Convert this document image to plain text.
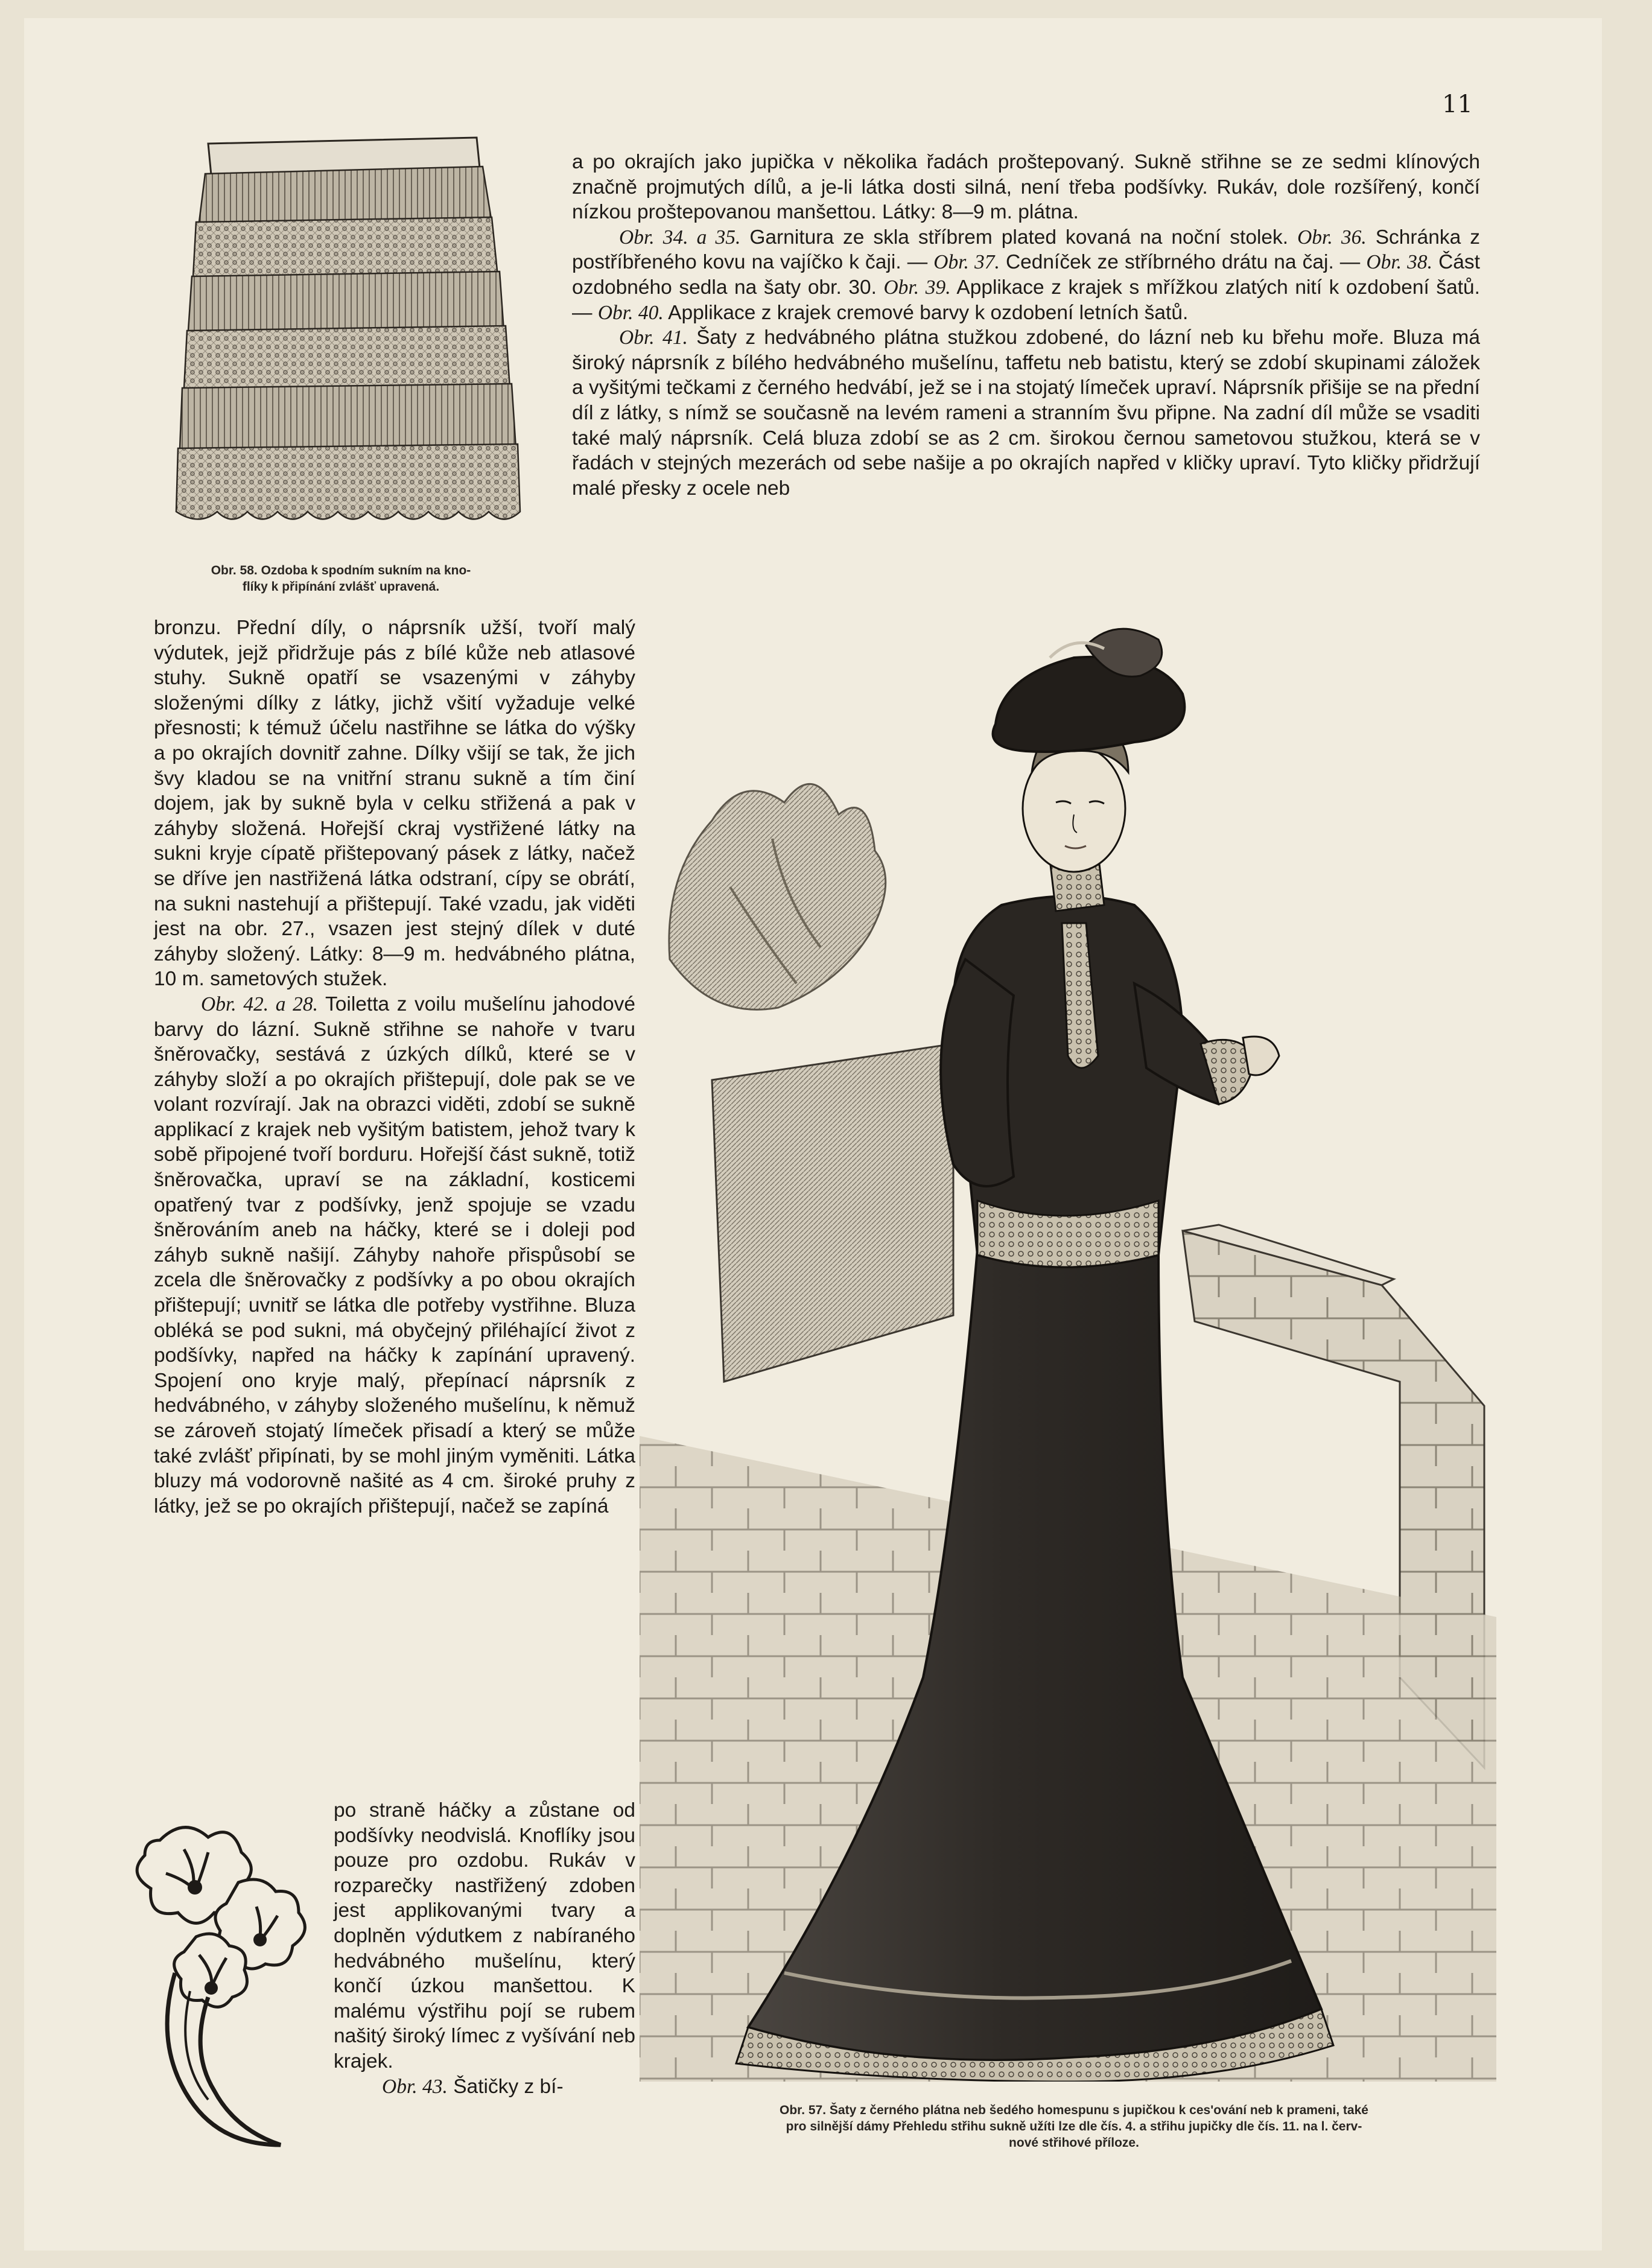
11
Obr. 58. Ozdoba k spodním sukním na kno-
flíky k připínání zvlášť upravená.

a po okrajích jako jupička v několika řadách proštepovaný. Sukně střihne se ze sedmi klínových značně projmutých dílů, a je-li látka dosti silná, není třeba podšívky. Rukáv, dole rozšířený, končí nízkou proštepovanou manšettou. Látky: 8—9 m. plátna.

Obr. 34. a 35. Garnitura ze skla stříbrem plated kovaná na noční stolek. Obr. 36. Schránka z postříbřeného kovu na vajíčko k čaji. — Obr. 37. Cedníček ze stříbrného drátu na čaj. — Obr. 38. Část ozdobného sedla na šaty obr. 30. Obr. 39. Applikace z krajek s mřížkou zlatých nití k ozdobení šatů. — Obr. 40. Applikace z krajek cremové barvy k ozdobení letních šatů.

Obr. 41. Šaty z hedvábného plátna stužkou zdobené, do lázní neb ku břehu moře. Bluza má široký náprsník z bílého hedvábného mušelínu, taffetu neb batistu, který se zdobí skupinami záložek a vyšitými tečkami z černého hedvábí, jež se i na stojatý límeček upraví. Náprsník přišije se na přední díl z látky, s nímž se současně na levém rameni a stranním švu připne. Na zadní díl může se vsaditi také malý náprsník. Celá bluza zdobí se as 2 cm. širokou černou sametovou stužkou, která se v řadách v stejných mezerách od sebe našije a po okrajích napřed v kličky upraví. Tyto kličky přidržují malé přesky z ocele neb

bronzu. Přední díly, o náprsník užší, tvoří malý výdutek, jejž přidržuje pás z bílé kůže neb atlasové stuhy. Sukně opatří se vsazenými v záhyby složenými dílky z látky, jichž všití vyžaduje velké přesnosti; k témuž účelu nastřihne se látka do výšky a po okrajích dovnitř zahne. Dílky všijí se tak, že jich švy kladou se na vnitřní stranu sukně a tím činí dojem, jak by sukně byla v celku střižená a pak v záhyby složená. Hořejší ckraj vystřižené látky na sukni kryje cípatě přištepovaný pásek z látky, načež se dříve jen nastřižená látka odstraní, cípy se obrátí, na sukni nastehují a přištepují. Také vzadu, jak viděti jest na obr. 27., vsazen jest stejný dílek v duté záhyby složený. Látky: 8—9 m. hedvábného plátna, 10 m. sametových stužek.

Obr. 42. a 28. Toiletta z voilu mušelínu jahodové barvy do lázní. Sukně střihne se nahoře v tvaru šněrovačky, sestává z úzkých dílků, které se v záhyby složí a po okrajích přištepují, dole pak se ve volant rozvírají. Jak na obrazci viděti, zdobí se sukně applikací z krajek neb vyšitým batistem, jehož tvary k sobě připojené tvoří borduru. Hořejší část sukně, totiž šněrovačka, upraví se na základní, kosticemi opatřený tvar z podšívky, jenž spojuje se vzadu šněrováním aneb na háčky, které se i doleji pod záhyb sukně našijí. Záhyby nahoře přispůsobí se zcela dle šněrovačky z podšívky a po obou okrajích přištepují; uvnitř se látka dle potřeby vystřihne. Bluza obléká se pod sukni, má obyčejný přiléhající život z podšívky, napřed na háčky k zapínání upravený. Spojení ono kryje malý, přepínací náprsník z hedvábného, v záhyby složeného mušelínu, k němuž se zároveň stojatý límeček přisadí a který se může také zvlášť připínati, by se mohl jiným vyměniti. Látka bluzy má vodorovně našité as 4 cm. široké pruhy z látky, jež se po okrajích přištepují, načež se zapíná

po straně háčky a zůstane od podšívky neodvislá. Knoflíky jsou pouze pro ozdobu. Rukáv v rozparečky nastřižený zdoben jest applikovanými tvary a doplněn výdutkem z nabíraného hedvábného mušelínu, který končí úzkou manšettou. K malému výstřihu pojí se rubem našitý široký límec z vyšívání neb krajek.

Obr. 43. Šatičky z bí-

Obr. 57. Šaty z černého plátna neb šedého homespunu s jupičkou k ces'ování neb k prameni, také
pro silnější dámy Přehledu střihu sukně užíti lze dle čís. 4. a střihu jupičky dle čís. 11. na l. červ-
nové střihové příloze.
